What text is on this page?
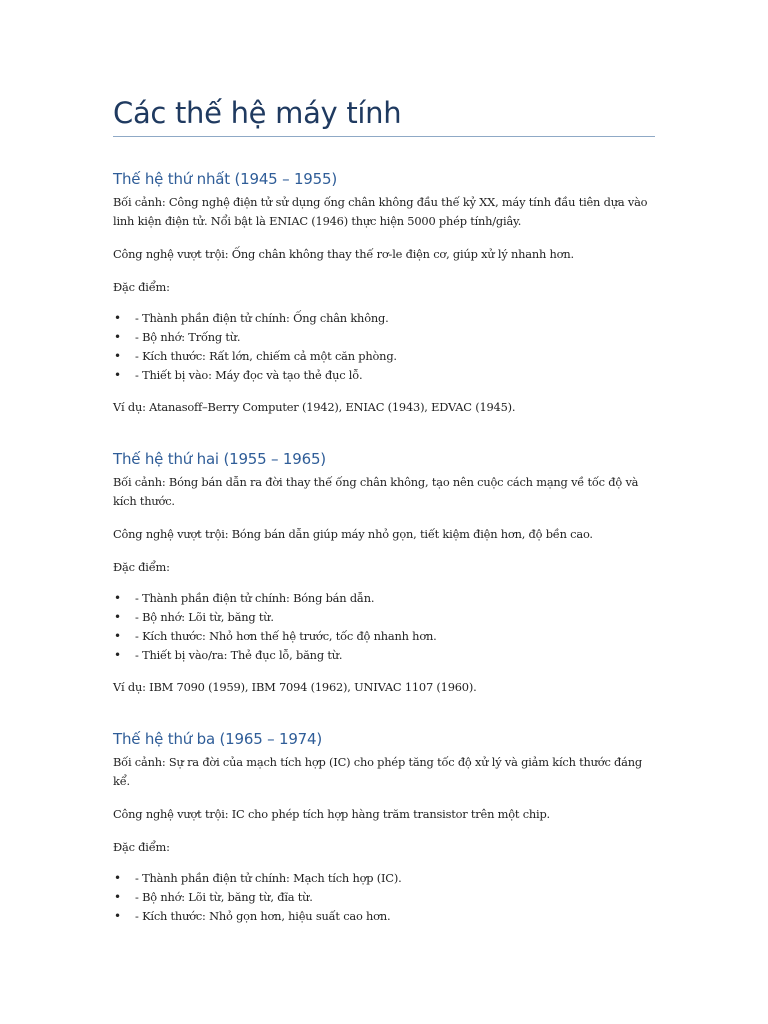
Các thế hệ máy tính
Thế hệ thứ nhất (1945 – 1955)

Bối cảnh: Công nghệ điện tử sử dụng ống chân không đầu thế kỷ XX, máy tính đầu tiên dựa vào linh kiện điện tử. Nổi bật là ENIAC (1946) thực hiện 5000 phép tính/giây.

Công nghệ vượt trội: Ống chân không thay thế rơ-le điện cơ, giúp xử lý nhanh hơn.

Đặc điểm:

• - Thành phần điện tử chính: Ống chân không.
• - Bộ nhớ: Trống từ.
• - Kích thước: Rất lớn, chiếm cả một căn phòng.
• - Thiết bị vào: Máy đọc và tạo thẻ đục lỗ.

Ví dụ: Atanasoff–Berry Computer (1942), ENIAC (1943), EDVAC (1945).

Thế hệ thứ hai (1955 – 1965)

Bối cảnh: Bóng bán dẫn ra đời thay thế ống chân không, tạo nên cuộc cách mạng về tốc độ và kích thước.

Công nghệ vượt trội: Bóng bán dẫn giúp máy nhỏ gọn, tiết kiệm điện hơn, độ bền cao.

Đặc điểm:

• - Thành phần điện tử chính: Bóng bán dẫn.
• - Bộ nhớ: Lõi từ, băng từ.
• - Kích thước: Nhỏ hơn thế hệ trước, tốc độ nhanh hơn.
• - Thiết bị vào/ra: Thẻ đục lỗ, băng từ.

Ví dụ: IBM 7090 (1959), IBM 7094 (1962), UNIVAC 1107 (1960).

Thế hệ thứ ba (1965 – 1974)

Bối cảnh: Sự ra đời của mạch tích hợp (IC) cho phép tăng tốc độ xử lý và giảm kích thước đáng kể.

Công nghệ vượt trội: IC cho phép tích hợp hàng trăm transistor trên một chip.

Đặc điểm:

• - Thành phần điện tử chính: Mạch tích hợp (IC).
• - Bộ nhớ: Lõi từ, băng từ, đĩa từ.
• - Kích thước: Nhỏ gọn hơn, hiệu suất cao hơn.
